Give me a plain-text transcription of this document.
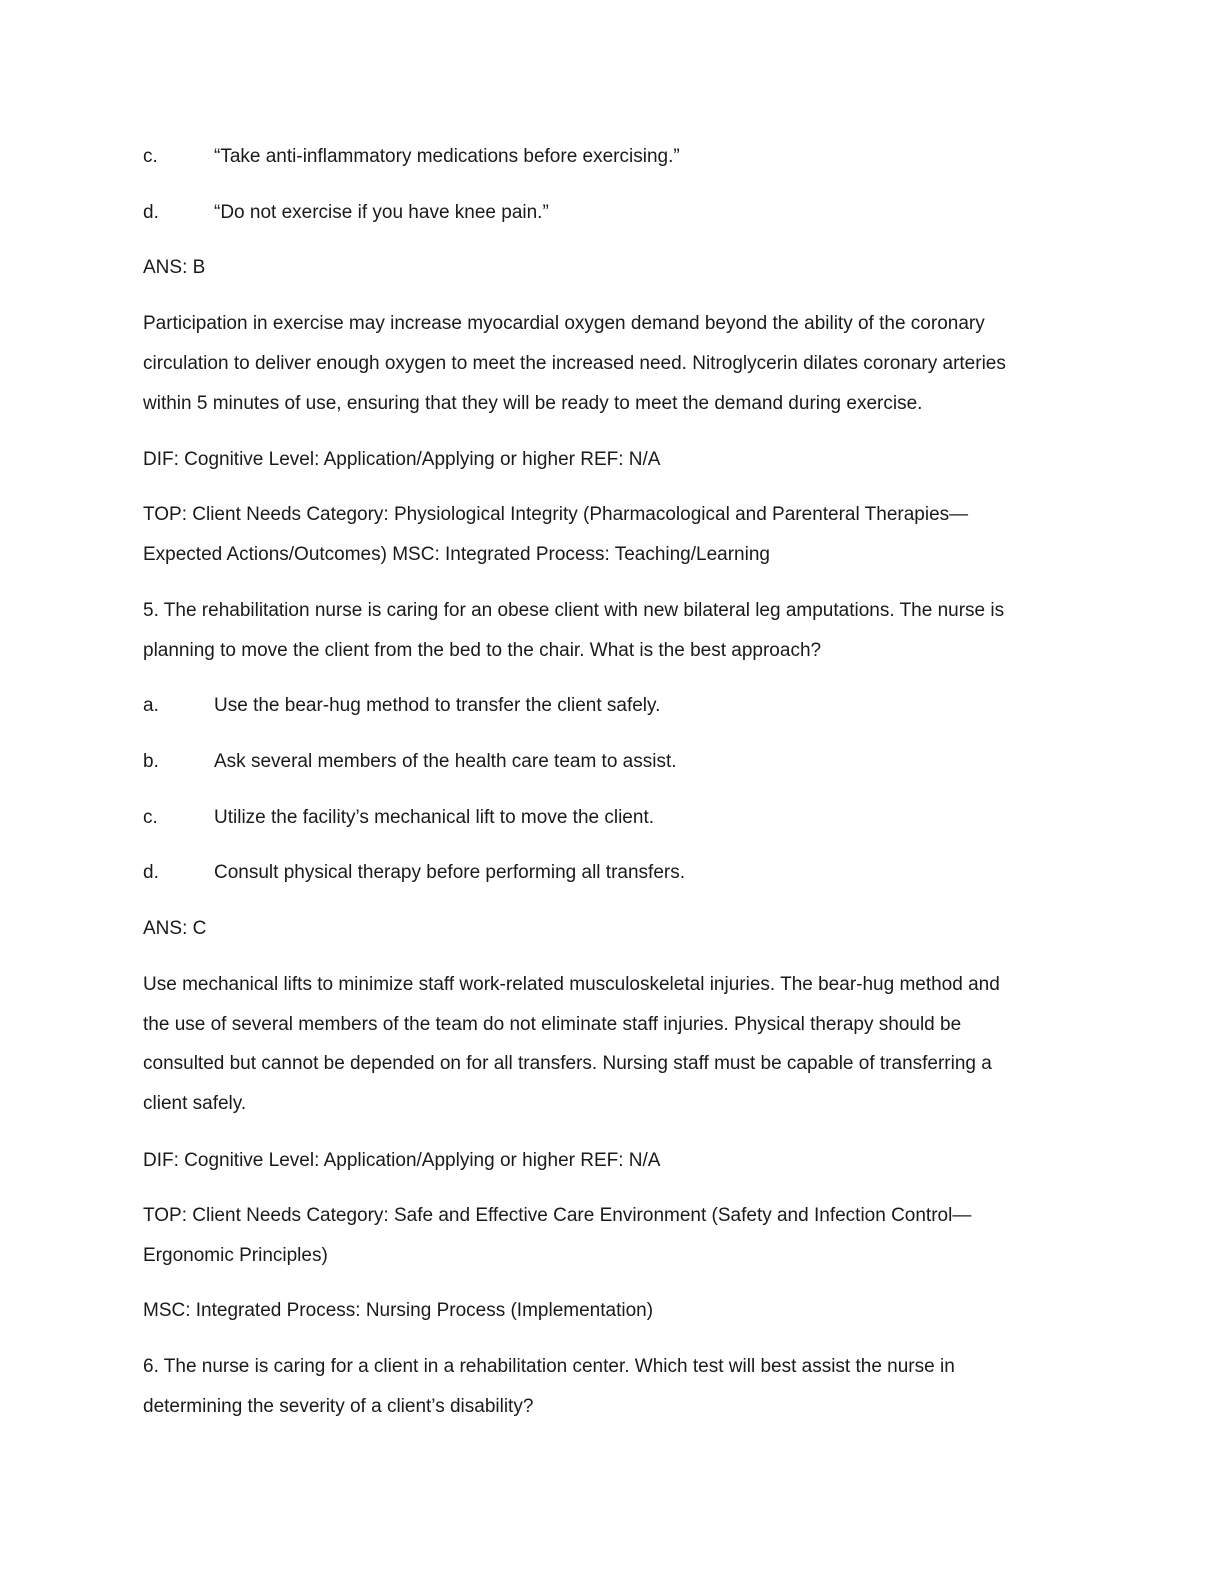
c.	“Take anti-inflammatory medications before exercising.”
d.	“Do not exercise if you have knee pain.”
ANS: B
Participation in exercise may increase myocardial oxygen demand beyond the ability of the coronary
circulation to deliver enough oxygen to meet the increased need. Nitroglycerin dilates coronary arteries
within 5 minutes of use, ensuring that they will be ready to meet the demand during exercise.
DIF: Cognitive Level: Application/Applying or higher REF: N/A
TOP: Client Needs Category: Physiological Integrity (Pharmacological and Parenteral Therapies—
Expected Actions/Outcomes) MSC: Integrated Process: Teaching/Learning
5. The rehabilitation nurse is caring for an obese client with new bilateral leg amputations. The nurse is
planning to move the client from the bed to the chair. What is the best approach?
a.	Use the bear-hug method to transfer the client safely.
b.	Ask several members of the health care team to assist.
c.	Utilize the facility’s mechanical lift to move the client.
d.	Consult physical therapy before performing all transfers.
ANS: C
Use mechanical lifts to minimize staff work-related musculoskeletal injuries. The bear-hug method and
the use of several members of the team do not eliminate staff injuries. Physical therapy should be
consulted but cannot be depended on for all transfers. Nursing staff must be capable of transferring a
client safely.
DIF: Cognitive Level: Application/Applying or higher REF: N/A
TOP: Client Needs Category: Safe and Effective Care Environment (Safety and Infection Control—
Ergonomic Principles)
MSC: Integrated Process: Nursing Process (Implementation)
6. The nurse is caring for a client in a rehabilitation center. Which test will best assist the nurse in
determining the severity of a client’s disability?
